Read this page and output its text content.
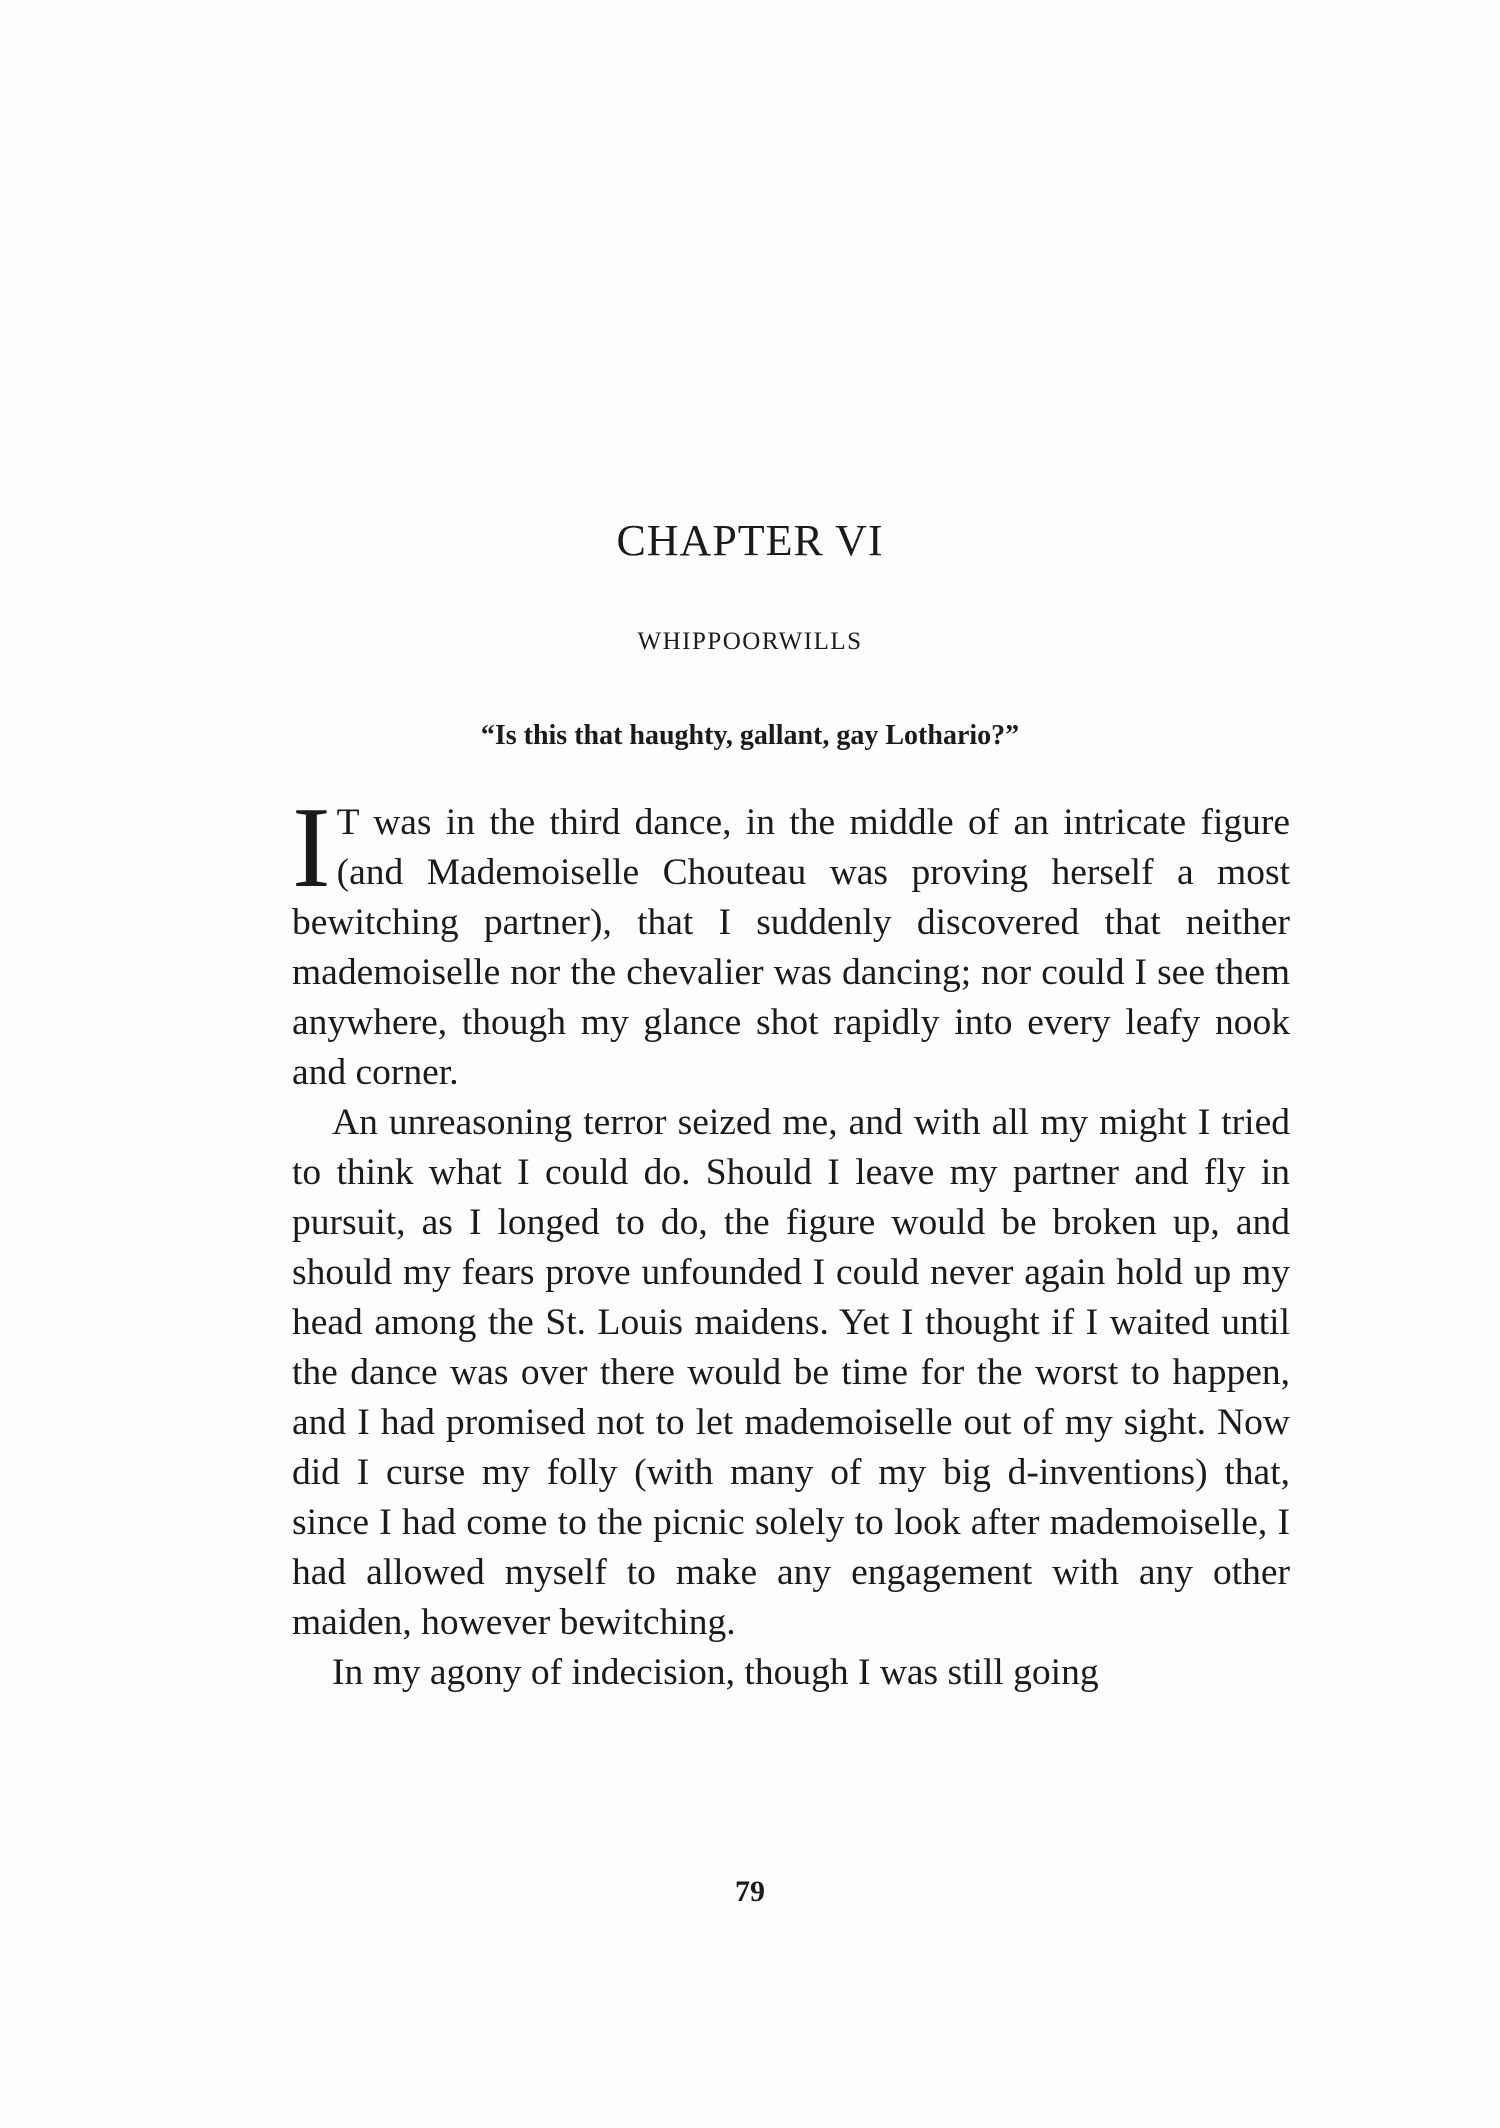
CHAPTER VI
WHIPPOORWILLS
“Is this that haughty, gallant, gay Lothario?”

I T was in the third dance, in the middle of an intricate figure (and Mademoiselle Chouteau was proving herself a most bewitching partner), that I suddenly discovered that neither mademoiselle nor the chevalier was dancing; nor could I see them anywhere, though my glance shot rapidly into every leafy nook and corner.

An unreasoning terror seized me, and with all my might I tried to think what I could do. Should I leave my partner and fly in pursuit, as I longed to do, the figure would be broken up, and should my fears prove unfounded I could never again hold up my head among the St. Louis maidens. Yet I thought if I waited until the dance was over there would be time for the worst to happen, and I had promised not to let mademoiselle out of my sight. Now did I curse my folly (with many of my big d-inventions) that, since I had come to the picnic solely to look after mademoiselle, I had allowed myself to make any engagement with any other maiden, however bewitching.

In my agony of indecision, though I was still going

79
